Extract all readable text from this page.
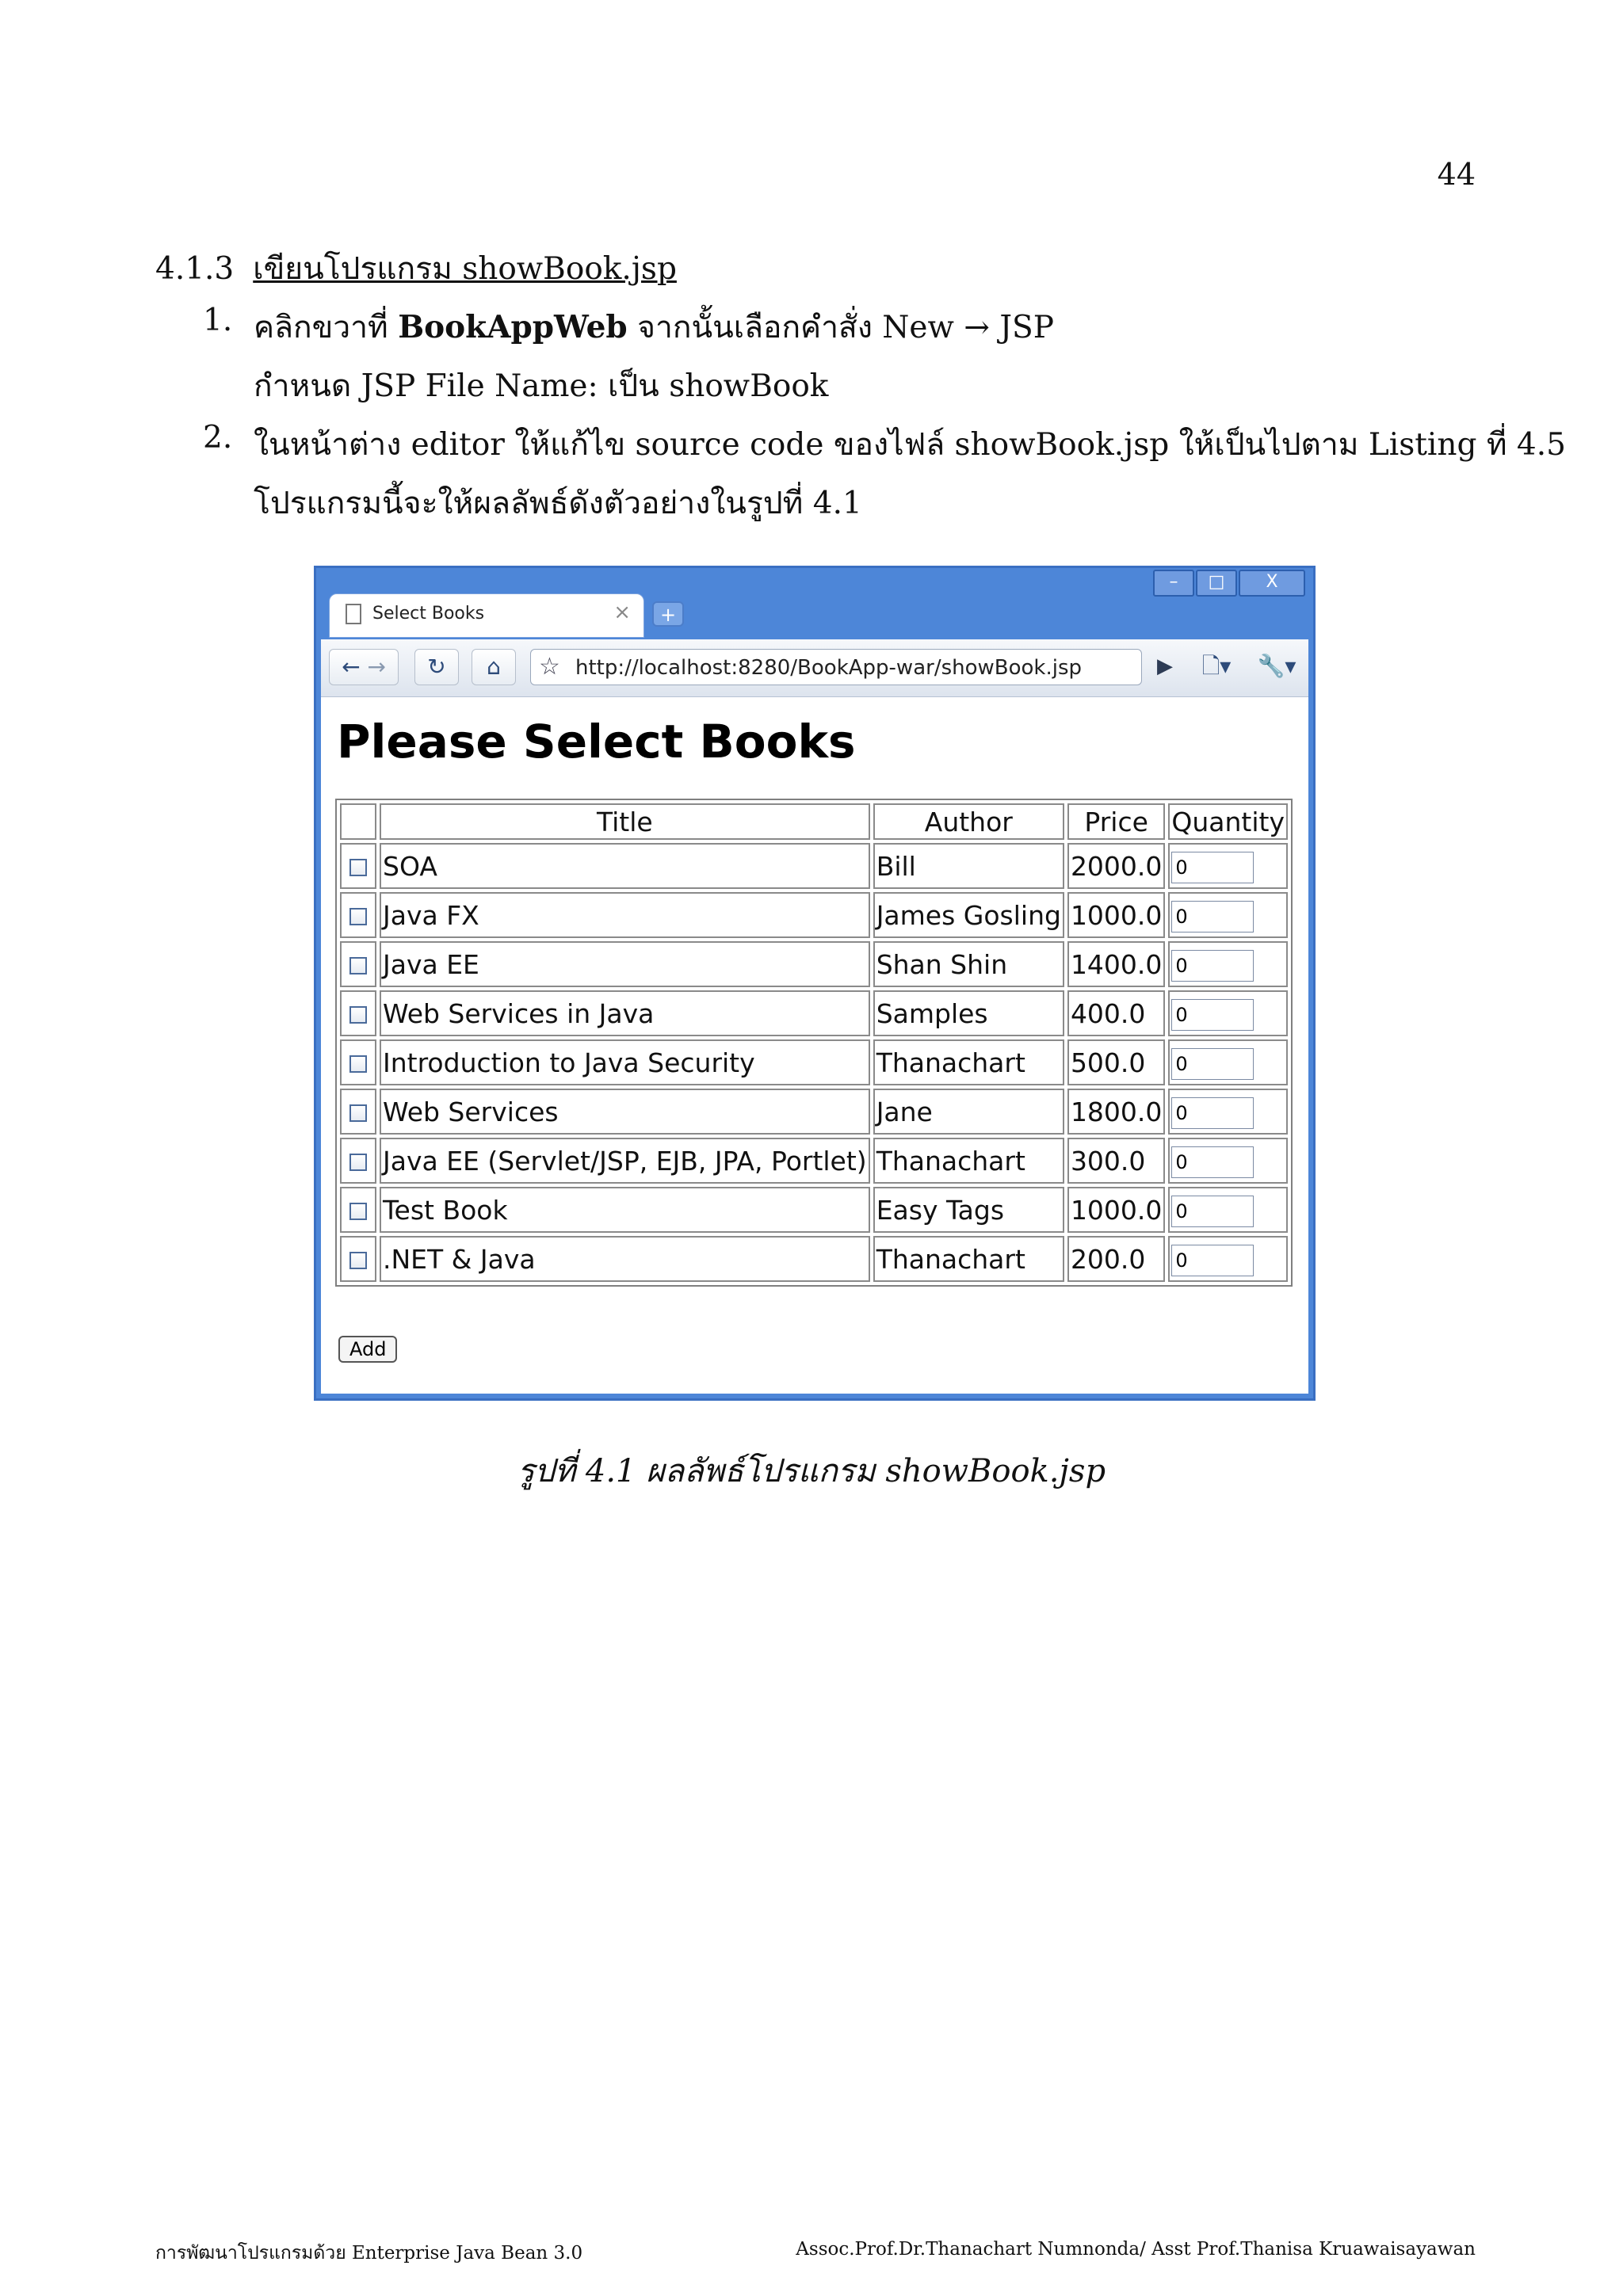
44
4.1.3 เขียนโปรแกรม showBook.jsp
1. คลิกขวาที่ BookAppWeb จากนั้นเลือกคำสั่ง New → JSP
กำหนด JSP File Name: เป็น showBook
2. ในหน้าต่าง editor ให้แก้ไข source code ของไฟล์ showBook.jsp ให้เป็นไปตาม Listing ที่ 4.5
โปรแกรมนี้จะให้ผลลัพธ์ดังตัวอย่างในรูปที่ 4.1
–	□	X
Select Books	×	+
← →	↻	⌂	☆ http://localhost:8280/BookApp-war/showBook.jsp	▶	🗋▾	🔧▾
Please Select Books
	Title	Author	Price	Quantity
	SOA	Bill	2000.0	0
	Java FX	James Gosling	1000.0	0
	Java EE	Shan Shin	1400.0	0
	Web Services in Java	Samples	400.0	0
	Introduction to Java Security	Thanachart	500.0	0
	Web Services	Jane	1800.0	0
	Java EE (Servlet/JSP, EJB, JPA, Portlet)	Thanachart	300.0	0
	Test Book	Easy Tags	1000.0	0
	.NET & Java	Thanachart	200.0	0
Add
รูปที่ 4.1 ผลลัพธ์โปรแกรม showBook.jsp
การพัฒนาโปรแกรมด้วย Enterprise Java Bean 3.0	Assoc.Prof.Dr.Thanachart Numnonda/ Asst Prof.Thanisa Kruawaisayawan
